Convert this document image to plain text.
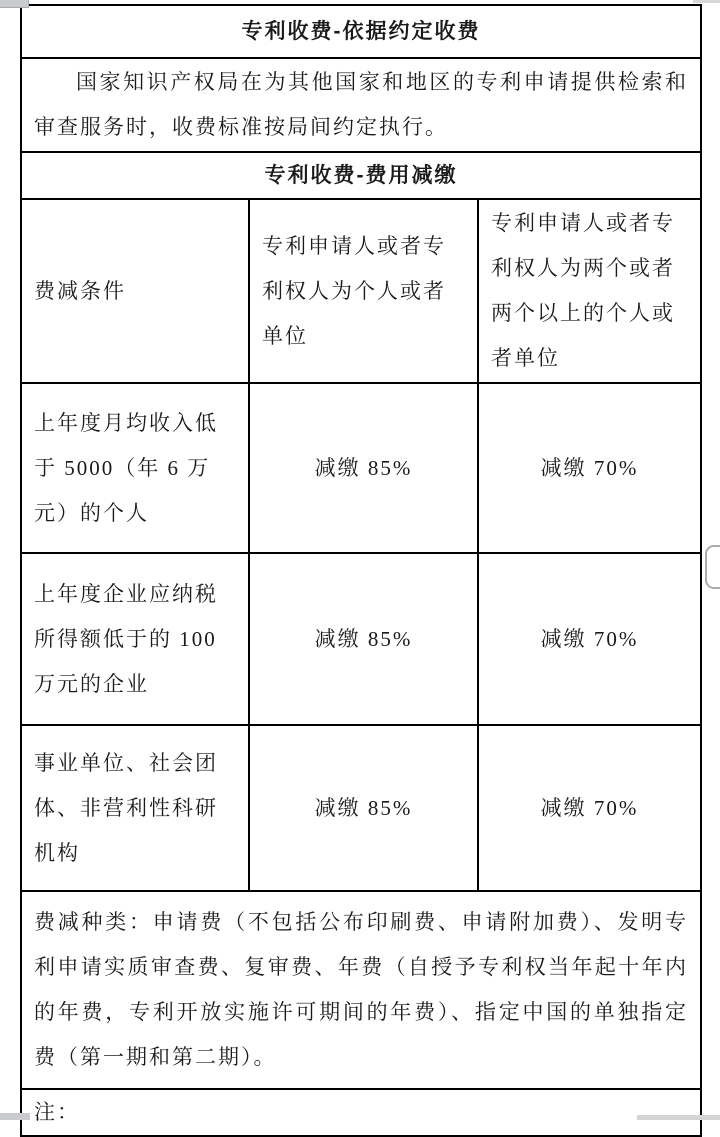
专利收费-依据约定收费		
国家知识产权局在为其他国家和地区的专利申请提供检索和审查服务时，收费标准按局间约定执行。		
专利收费-费用减缴		
费减条件	专利申请人或者专利权人为个人或者单位	专利申请人或者专利权人为两个或者两个以上的个人或者单位
上年度月均收入低于 5000（年 6 万元）的个人	减缴 85%	减缴 70%
上年度企业应纳税所得额低于的 100 万元的企业	减缴 85%	减缴 70%
事业单位、社会团体、非营利性科研机构	减缴 85%	减缴 70%
费减种类：申请费（不包括公布印刷费、申请附加费）、发明专利申请实质审查费、复审费、年费（自授予专利权当年起十年内的年费，专利开放实施许可期间的年费）、指定中国的单独指定费（第一期和第二期）。		
注：		
